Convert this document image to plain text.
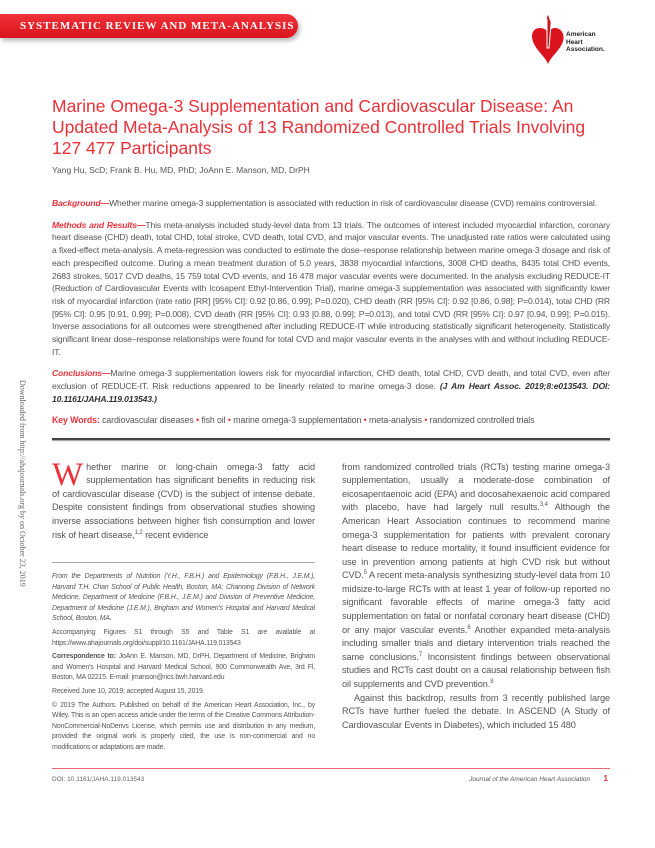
SYSTEMATIC REVIEW AND META-ANALYSIS
American
Heart
Association.
Downloaded from http://ahajournals.org by on October 23, 2019
Marine Omega-3 Supplementation and Cardiovascular Disease: An Updated Meta-Analysis of 13 Randomized Controlled Trials Involving 127 477 Participants
Yang Hu, ScD; Frank B. Hu, MD, PhD; JoAnn E. Manson, MD, DrPH
Background—Whether marine omega-3 supplementation is associated with reduction in risk of cardiovascular disease (CVD) remains controversial.
Methods and Results—This meta-analysis included study-level data from 13 trials. The outcomes of interest included myocardial infarction, coronary heart disease (CHD) death, total CHD, total stroke, CVD death, total CVD, and major vascular events. The unadjusted rate ratios were calculated using a fixed-effect meta-analysis. A meta-regression was conducted to estimate the dose–response relationship between marine omega-3 dosage and risk of each prespecified outcome. During a mean treatment duration of 5.0 years, 3838 myocardial infarctions, 3008 CHD deaths, 8435 total CHD events, 2683 strokes, 5017 CVD deaths, 15 759 total CVD events, and 16 478 major vascular events were documented. In the analysis excluding REDUCE-IT (Reduction of Cardiovascular Events with Icosapent Ethyl-Intervention Trial), marine omega-3 supplementation was associated with significantly lower risk of myocardial infarction (rate ratio [RR] [95% CI]: 0.92 [0.86, 0.99]; P=0.020), CHD death (RR [95% CI]: 0.92 [0.86, 0.98]; P=0.014), total CHD (RR [95% CI]: 0.95 [0.91, 0.99]; P=0.008), CVD death (RR [95% CI]: 0.93 [0.88, 0.99]; P=0.013), and total CVD (RR [95% CI]: 0.97 [0.94, 0.99]; P=0.015). Inverse associations for all outcomes were strengthened after including REDUCE-IT while introducing statistically significant heterogeneity. Statistically significant linear dose–response relationships were found for total CVD and major vascular events in the analyses with and without including REDUCE-IT.
Conclusions—Marine omega-3 supplementation lowers risk for myocardial infarction, CHD death, total CHD, CVD death, and total CVD, even after exclusion of REDUCE-IT. Risk reductions appeared to be linearly related to marine omega-3 dose. (J Am Heart Assoc. 2019;8:e013543. DOI: 10.1161/JAHA.119.013543.)
Key Words: cardiovascular diseases • fish oil • marine omega-3 supplementation • meta-analysis • randomized controlled trials
Whether marine or long-chain omega-3 fatty acid supplementation has significant benefits in reducing risk of cardiovascular disease (CVD) is the subject of intense debate. Despite consistent findings from observational studies showing inverse associations between higher fish consumption and lower risk of heart disease,$^{1,2}$ recent evidence
From the Departments of Nutrition (Y.H., F.B.H.) and Epidemiology (F.B.H., J.E.M.), Harvard T.H. Chan School of Public Health, Boston, MA; Channing Division of Network Medicine, Department of Medicine (F.B.H., J.E.M.) and Division of Preventive Medicine, Department of Medicine (J.E.M.), Brigham and Women's Hospital and Harvard Medical School, Boston, MA.
Accompanying Figures S1 through S5 and Table S1 are available at https://www.ahajournals.org/doi/suppl/10.1161/JAHA.119.013543
Correspondence to: JoAnn E. Manson, MD, DrPH, Department of Medicine, Brigham and Women's Hospital and Harvard Medical School, 900 Commonwealth Ave, 3rd Fl, Boston, MA 02215. E-mail: jmanson@rics.bwh.harvard.edu
Received June 10, 2019; accepted August 15, 2019.
© 2019 The Authors. Published on behalf of the American Heart Association, Inc., by Wiley. This is an open access article under the terms of the Creative Commons Attribution-NonCommercial-NoDerivs License, which permits use and distribution in any medium, provided the original work is properly cited, the use is non-commercial and no modifications or adaptations are made.
from randomized controlled trials (RCTs) testing marine omega-3 supplementation, usually a moderate-dose combination of eicosapentaenoic acid (EPA) and docosahexaenoic acid compared with placebo, have had largely null results.$^{3,4}$ Although the American Heart Association continues to recommend marine omega-3 supplementation for patients with prevalent coronary heart disease to reduce mortality, it found insufficient evidence for use in prevention among patients at high CVD risk but without CVD.$^5$ A recent meta-analysis synthesizing study-level data from 10 midsize-to-large RCTs with at least 1 year of follow-up reported no significant favorable effects of marine omega-3 fatty acid supplementation on fatal or nonfatal coronary heart disease (CHD) or any major vascular events.$^6$ Another expanded meta-analysis including smaller trials and dietary intervention trials reached the same conclusions.$^7$ Inconsistent findings between observational studies and RCTs cast doubt on a causal relationship between fish oil supplements and CVD prevention.$^8$
Against this backdrop, results from 3 recently published large RCTs have further fueled the debate. In ASCEND (A Study of Cardiovascular Events in Diabetes), which included 15 480
DOI: 10.1161/JAHA.119.013543	Journal of the American Heart Association 1
